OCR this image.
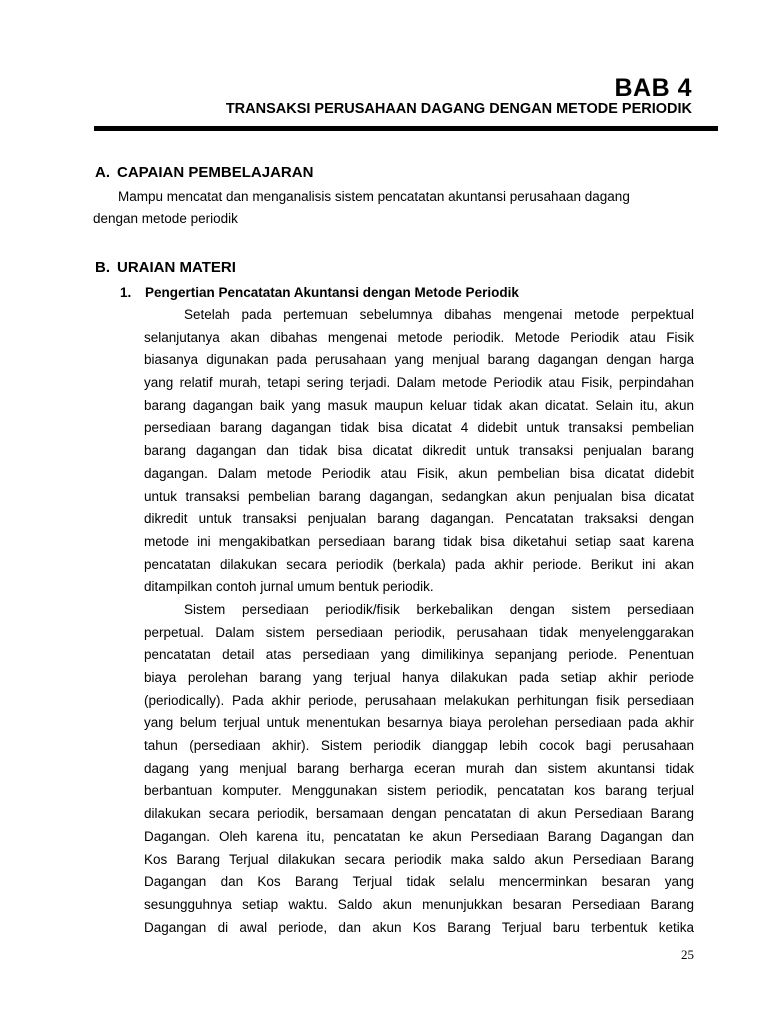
BAB 4
TRANSAKSI PERUSAHAAN DAGANG DENGAN METODE PERIODIK
A. CAPAIAN PEMBELAJARAN
Mampu mencatat dan menganalisis sistem pencatatan akuntansi perusahaan dagang
dengan metode periodik
B. URAIAN MATERI
1. Pengertian Pencatatan Akuntansi dengan Metode Periodik
Setelah pada pertemuan sebelumnya dibahas mengenai metode perpektual
selanjutanya akan dibahas mengenai metode periodik. Metode Periodik atau Fisik
biasanya digunakan pada perusahaan yang menjual barang dagangan dengan harga
yang relatif murah, tetapi sering terjadi. Dalam metode Periodik atau Fisik, perpindahan
barang dagangan baik yang masuk maupun keluar tidak akan dicatat. Selain itu, akun
persediaan barang dagangan tidak bisa dicatat 4 didebit untuk transaksi pembelian
barang dagangan dan tidak bisa dicatat dikredit untuk transaksi penjualan barang
dagangan. Dalam metode Periodik atau Fisik, akun pembelian bisa dicatat didebit
untuk transaksi pembelian barang dagangan, sedangkan akun penjualan bisa dicatat
dikredit untuk transaksi penjualan barang dagangan. Pencatatan traksaksi dengan
metode ini mengakibatkan persediaan barang tidak bisa diketahui setiap saat karena
pencatatan dilakukan secara periodik (berkala) pada akhir periode. Berikut ini akan
ditampilkan contoh jurnal umum bentuk periodik.
Sistem persediaan periodik/fisik berkebalikan dengan sistem persediaan
perpetual. Dalam sistem persediaan periodik, perusahaan tidak menyelenggarakan
pencatatan detail atas persediaan yang dimilikinya sepanjang periode. Penentuan
biaya perolehan barang yang terjual hanya dilakukan pada setiap akhir periode
(periodically). Pada akhir periode, perusahaan melakukan perhitungan fisik persediaan
yang belum terjual untuk menentukan besarnya biaya perolehan persediaan pada akhir
tahun (persediaan akhir). Sistem periodik dianggap lebih cocok bagi perusahaan
dagang yang menjual barang berharga eceran murah dan sistem akuntansi tidak
berbantuan komputer. Menggunakan sistem periodik, pencatatan kos barang terjual
dilakukan secara periodik, bersamaan dengan pencatatan di akun Persediaan Barang
Dagangan. Oleh karena itu, pencatatan ke akun Persediaan Barang Dagangan dan
Kos Barang Terjual dilakukan secara periodik maka saldo akun Persediaan Barang
Dagangan dan Kos Barang Terjual tidak selalu mencerminkan besaran yang
sesungguhnya setiap waktu. Saldo akun menunjukkan besaran Persediaan Barang
Dagangan di awal periode, dan akun Kos Barang Terjual baru terbentuk ketika
25
